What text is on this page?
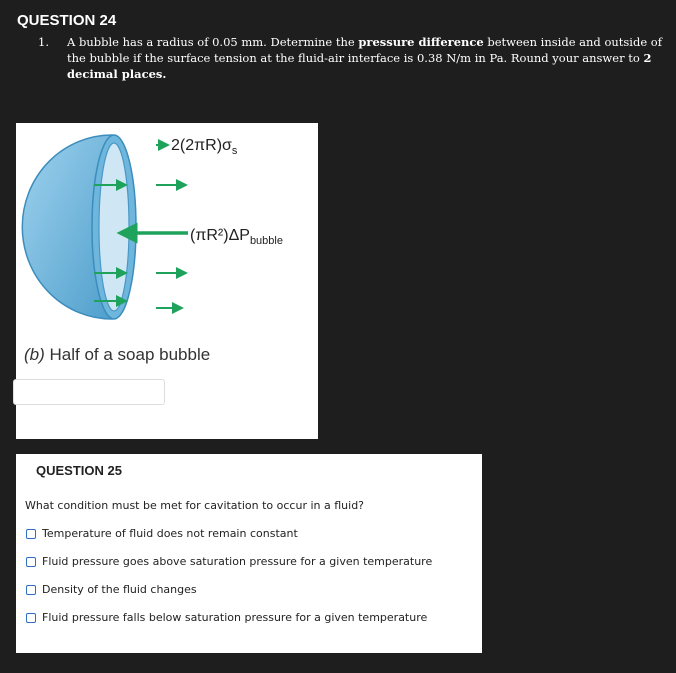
QUESTION 24
1. A bubble has a radius of 0.05 mm. Determine the pressure difference between inside and outside of the bubble if the surface tension at the fluid-air interface is 0.38 N/m in Pa. Round your answer to 2 decimal places.
$2(2\pi R)\sigma_s$
$(\pi R^2)\Delta P_{bubble}$
(b) Half of a soap bubble
QUESTION 25
What condition must be met for cavitation to occur in a fluid?
Temperature of fluid does not remain constant
Fluid pressure goes above saturation pressure for a given temperature
Density of the fluid changes
Fluid pressure falls below saturation pressure for a given temperature
